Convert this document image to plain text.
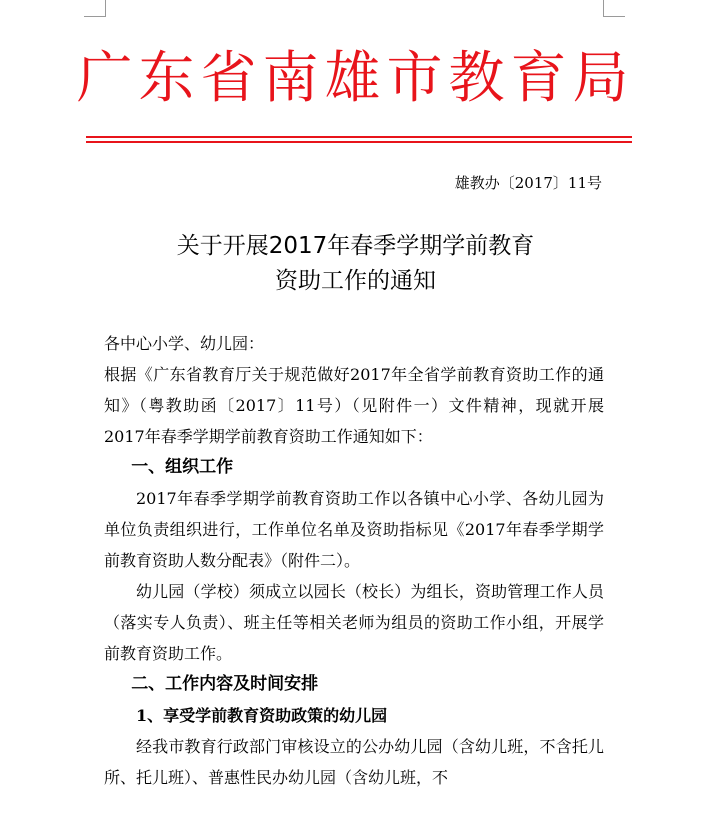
广东省南雄市教育局
雄教办〔2017〕11号
关于开展2017年春季学期学前教育
资助工作的通知

各中心小学、幼儿园：

根据《广东省教育厅关于规范做好2017年全省学前教育资助工作的通知》（粤教助函〔2017〕11号）（见附件一）文件精神，现就开展2017年春季学期学前教育资助工作通知如下：

一、组织工作

2017年春季学期学前教育资助工作以各镇中心小学、各幼儿园为单位负责组织进行，工作单位名单及资助指标见《2017年春季学期学前教育资助人数分配表》（附件二）。

幼儿园（学校）须成立以园长（校长）为组长，资助管理工作人员（落实专人负责）、班主任等相关老师为组员的资助工作小组，开展学前教育资助工作。

二、工作内容及时间安排
1、享受学前教育资助政策的幼儿园

经我市教育行政部门审核设立的公办幼儿园（含幼儿班，不含托儿所、托儿班）、普惠性民办幼儿园（含幼儿班，不
